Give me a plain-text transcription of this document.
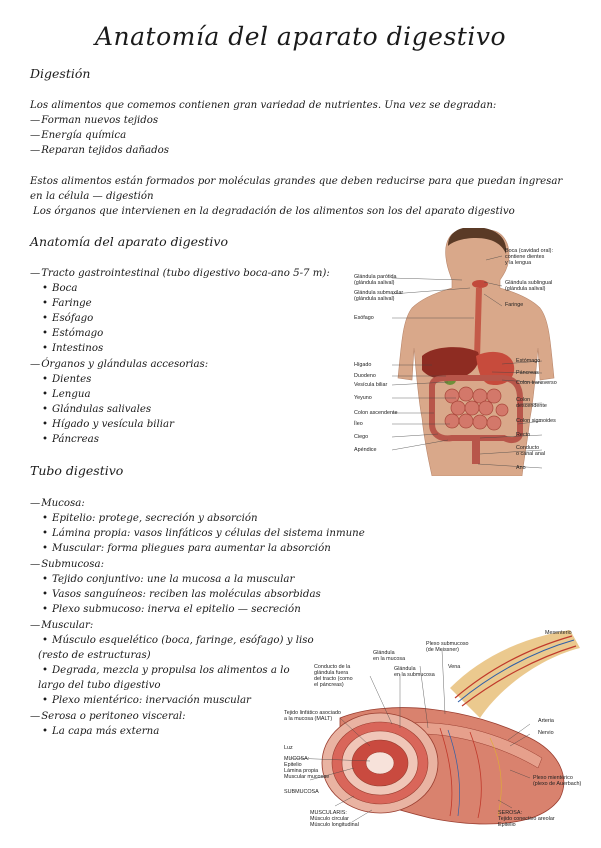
Anatomía del aparato digestivo
Digestión
Los alimentos que comemos contienen gran variedad de nutrientes. Una vez se degradan:
— Forman nuevos tejidos
— Energía química
— Reparan tejidos dañados
Estos alimentos están formados por moléculas grandes que deben reducirse para que puedan ingresar
en la célula — digestión
Los órganos que intervienen en la degradación de los alimentos son los del aparato digestivo
Anatomía del aparato digestivo
— Tracto gastrointestinal (tubo digestivo boca-ano 5-7 m):
• Boca
• Faringe
• Esófago
• Estómago
• Intestinos
— Órganos y glándulas accesorias:
• Dientes
• Lengua
• Glándulas salivales
• Hígado y vesícula biliar
• Páncreas
Tubo digestivo
— Mucosa:
• Epitelio: protege, secreción y absorción
• Lámina propia: vasos linfáticos y células del sistema inmune
• Muscular: forma pliegues para aumentar la absorción
— Submucosa:
• Tejido conjuntivo: une la mucosa a la muscular
• Vasos sanguíneos: reciben las moléculas absorbidas
• Plexo submucoso: inerva el epitelio — secreción
— Muscular:
• Músculo esquelético (boca, faringe, esófago) y liso
(resto de estructuras)
• Degrada, mezcla y propulsa los alimentos a lo
largo del tubo digestivo
• Plexo mientérico: inervación muscular
— Serosa o peritoneo visceral:
• La capa más externa
Boca (cavidad oral):
contiene dientes
y la lengua
Glándula sublingual
(glándula salival)
Faringe
Estómago
Páncreas
Colon transverso
Colon
descendente
Colon sigmoides
Recto
Conducto
o canal anal
Ano
Glándula parótida
(glándula salival)
Glándula submaxilar
(glándula salival)
Esófago
Hígado
Duodeno
Vesícula biliar
Yeyuno
Colon ascendente
Íleo
Ciego
Apéndice
Mesenterio
Plexo submucoso
(de Meissner)
Vena
Glándula
en la mucosa
Glándula
en la submucosa
Conducto de la
glándula fuera
del tracto (como
el páncreas)
Tejido linfático asociado
a la mucosa (MALT)	Arteria
Nervio
Luz
MUCOSA:
Epitelio
Lámina propia
Muscular mucosae	Plexo mientérico
(plexo de Auerbach)
SUBMUCOSA
MUSCULARIS:
Músculo circular
Músculo longitudinal
SEROSA:
Tejido conectivo areolar
Epitelio
